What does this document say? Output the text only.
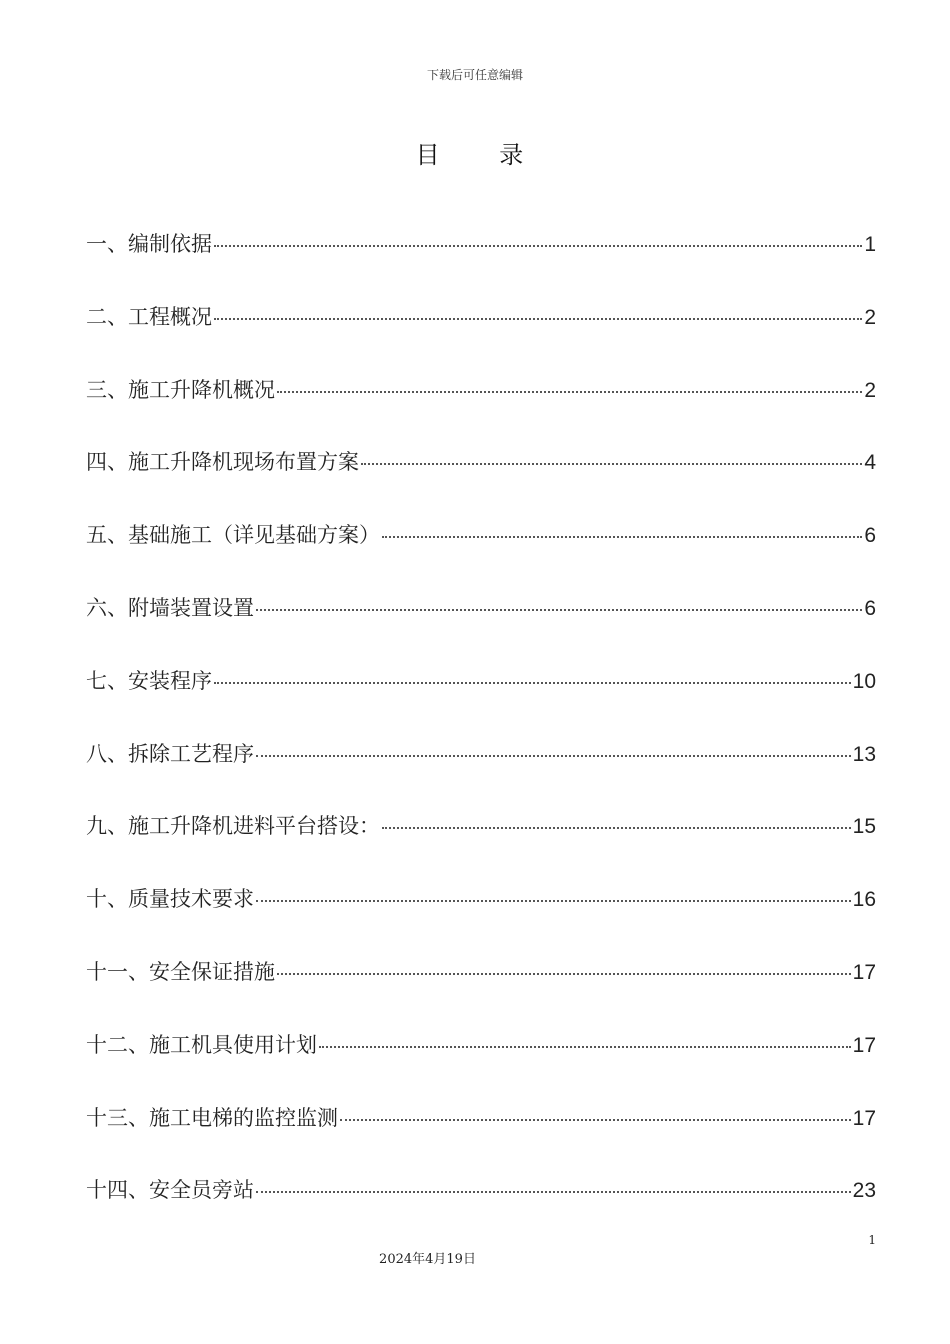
下载后可任意编辑
目 录
一、编制依据	1
二、工程概况	2
三、施工升降机概况	2
四、施工升降机现场布置方案	4
五、基础施工（详见基础方案）	6
六、附墙装置设置	6
七、安装程序	10
八、拆除工艺程序	13
九、施工升降机进料平台搭设：	15
十、质量技术要求	16
十一、安全保证措施	17
十二、施工机具使用计划	17
十三、施工电梯的监控监测	17
十四、安全员旁站	23
1
2024年4月19日
